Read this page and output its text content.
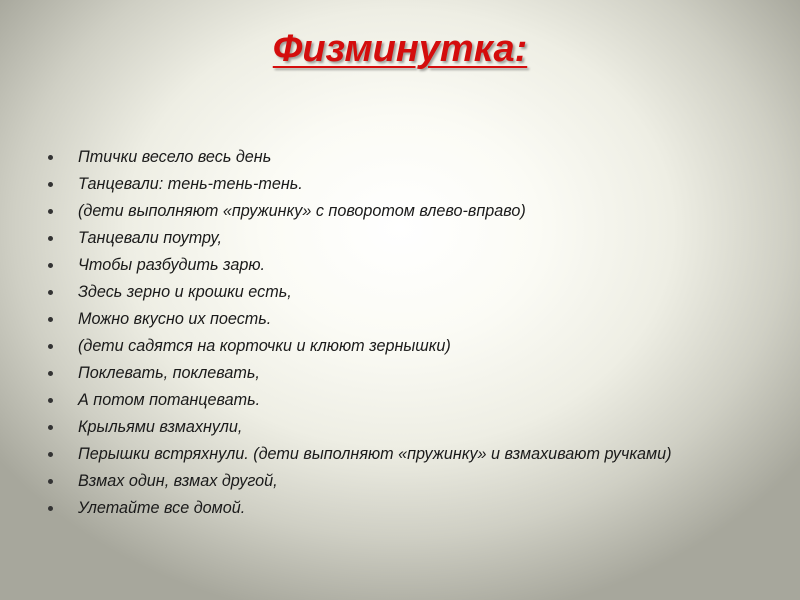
Физминутка:
Птички весело весь день
Танцевали: тень-тень-тень.
(дети выполняют «пружинку» с поворотом влево-вправо)
Танцевали поутру,
Чтобы разбудить зарю.
Здесь зерно и крошки есть,
Можно вкусно их поесть.
(дети садятся на корточки и клюют зернышки)
Поклевать, поклевать,
А потом потанцевать.
Крыльями взмахнули,
Перышки встряхнули. (дети выполняют «пружинку» и взмахивают ручками)
Взмах один, взмах другой,
Улетайте все домой.
